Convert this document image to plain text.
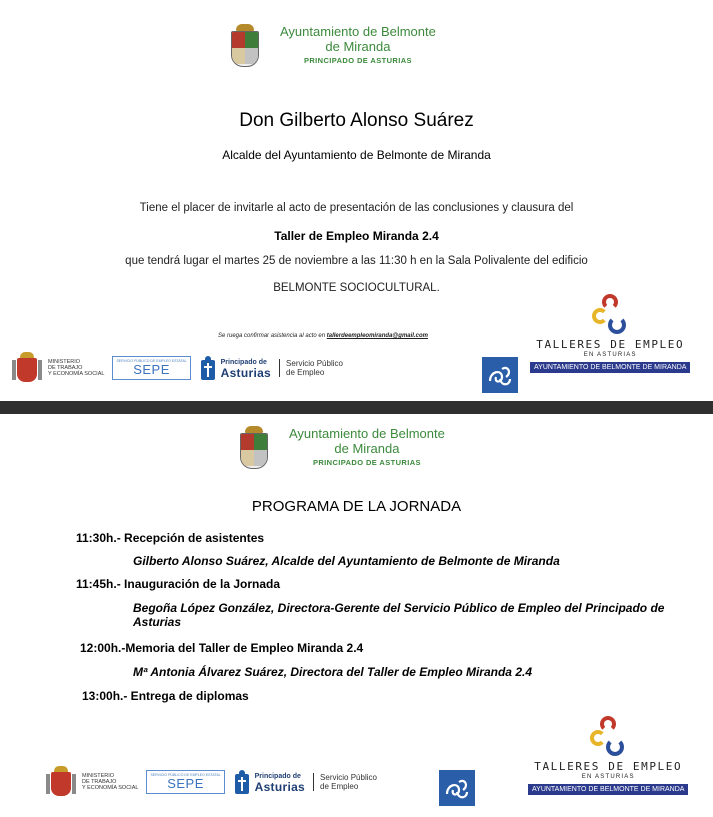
Ayuntamiento de Belmonte
de Miranda
PRINCIPADO DE ASTURIAS
Don Gilberto Alonso Suárez
Alcalde del Ayuntamiento de Belmonte de Miranda
Tiene el placer de invitarle al acto de presentación de las conclusiones y clausura del
Taller de Empleo Miranda 2.4
que tendrá lugar el martes 25 de noviembre a las 11:30 h en la Sala Polivalente del edificio
BELMONTE SOCIOCULTURAL.
Se ruega confirmar asistencia al acto en tallerdeempleomiranda@gmail.com
MINISTERIO
DE TRABAJO
Y ECONOMÍA SOCIAL
SERVICIO PÚBLICO DE EMPLEO ESTATAL
SEPE	Principado de
Asturias
Servicio Público
de Empleo
TALLERES DE EMPLEO
EN ASTURIAS
AYUNTAMIENTO DE BELMONTE DE MIRANDA
Ayuntamiento de Belmonte
de Miranda
PRINCIPADO DE ASTURIAS
PROGRAMA DE LA JORNADA
11:30h.- Recepción de asistentes
Gilberto Alonso Suárez, Alcalde del Ayuntamiento de Belmonte de Miranda
11:45h.- Inauguración de la Jornada
Begoña López González, Directora-Gerente del Servicio Público de Empleo del Principado de Asturias
12:00h.-Memoria del Taller de Empleo Miranda 2.4
Mª Antonia Álvarez Suárez, Directora del Taller de Empleo Miranda 2.4
13:00h.- Entrega de diplomas
MINISTERIO
DE TRABAJO
Y ECONOMÍA SOCIAL
SERVICIO PÚBLICO DE EMPLEO ESTATAL
SEPE	Principado de
Asturias
Servicio Público
de Empleo
TALLERES DE EMPLEO
EN ASTURIAS
AYUNTAMIENTO DE BELMONTE DE MIRANDA
